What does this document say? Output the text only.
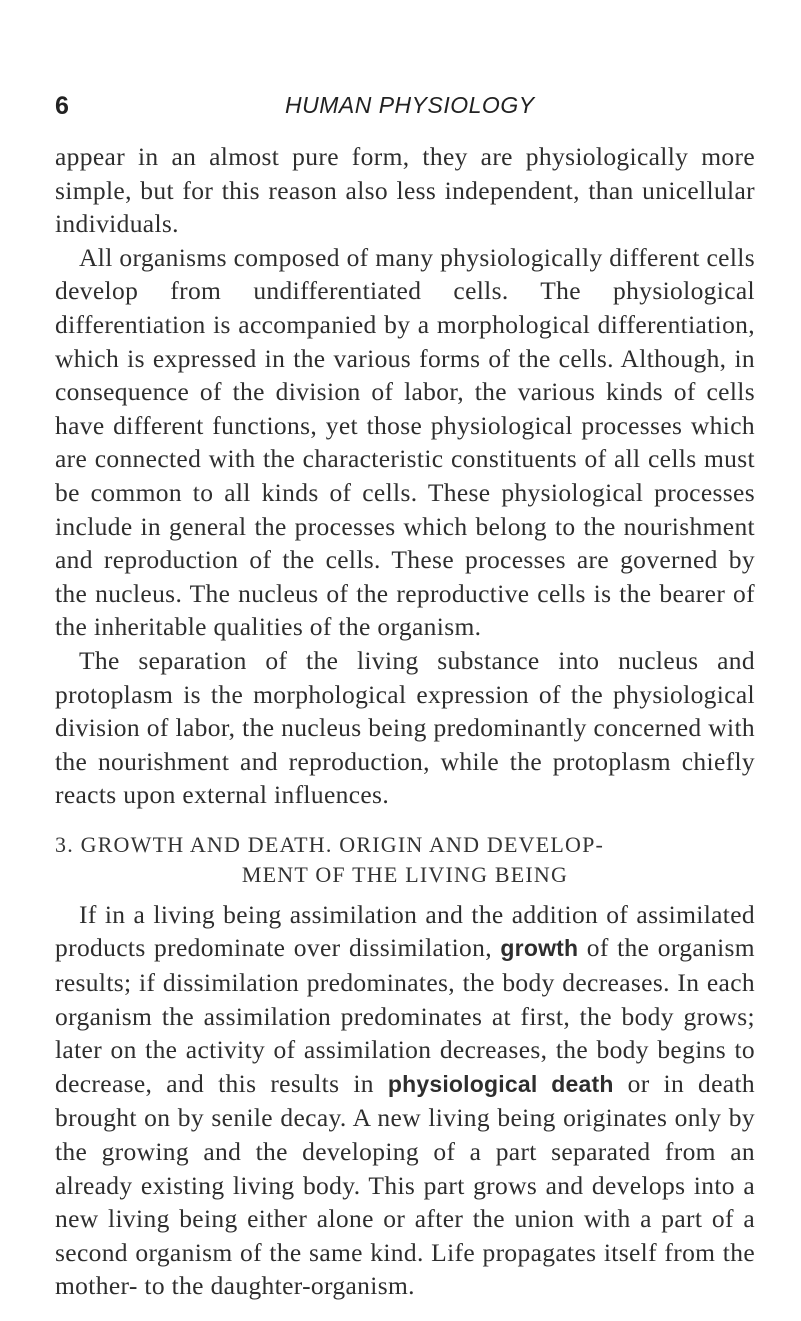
6	HUMAN PHYSIOLOGY

appear in an almost pure form, they are physiologically more simple, but for this reason also less independent, than unicellular individuals.

All organisms composed of many physiologically different cells develop from undifferentiated cells. The physiological differentiation is accompanied by a morphological differentiation, which is expressed in the various forms of the cells. Although, in consequence of the division of labor, the various kinds of cells have different functions, yet those physiological processes which are connected with the characteristic constituents of all cells must be common to all kinds of cells. These physiological processes include in general the processes which belong to the nourishment and reproduction of the cells. These processes are governed by the nucleus. The nucleus of the reproductive cells is the bearer of the inheritable qualities of the organism.

The separation of the living substance into nucleus and protoplasm is the morphological expression of the physiological division of labor, the nucleus being predominantly concerned with the nourishment and reproduction, while the protoplasm chiefly reacts upon external influences.

3. GROWTH AND DEATH. ORIGIN AND DEVELOP-
MENT OF THE LIVING BEING

If in a living being assimilation and the addition of assimilated products predominate over dissimilation, growth of the organism results; if dissimilation predominates, the body decreases. In each organism the assimilation predominates at first, the body grows; later on the activity of assimilation decreases, the body begins to decrease, and this results in physiological death or in death brought on by senile decay. A new living being originates only by the growing and the developing of a part separated from an already existing living body. This part grows and develops into a new living being either alone or after the union with a part of a second organism of the same kind. Life propagates itself from the mother- to the daughter-organism.
